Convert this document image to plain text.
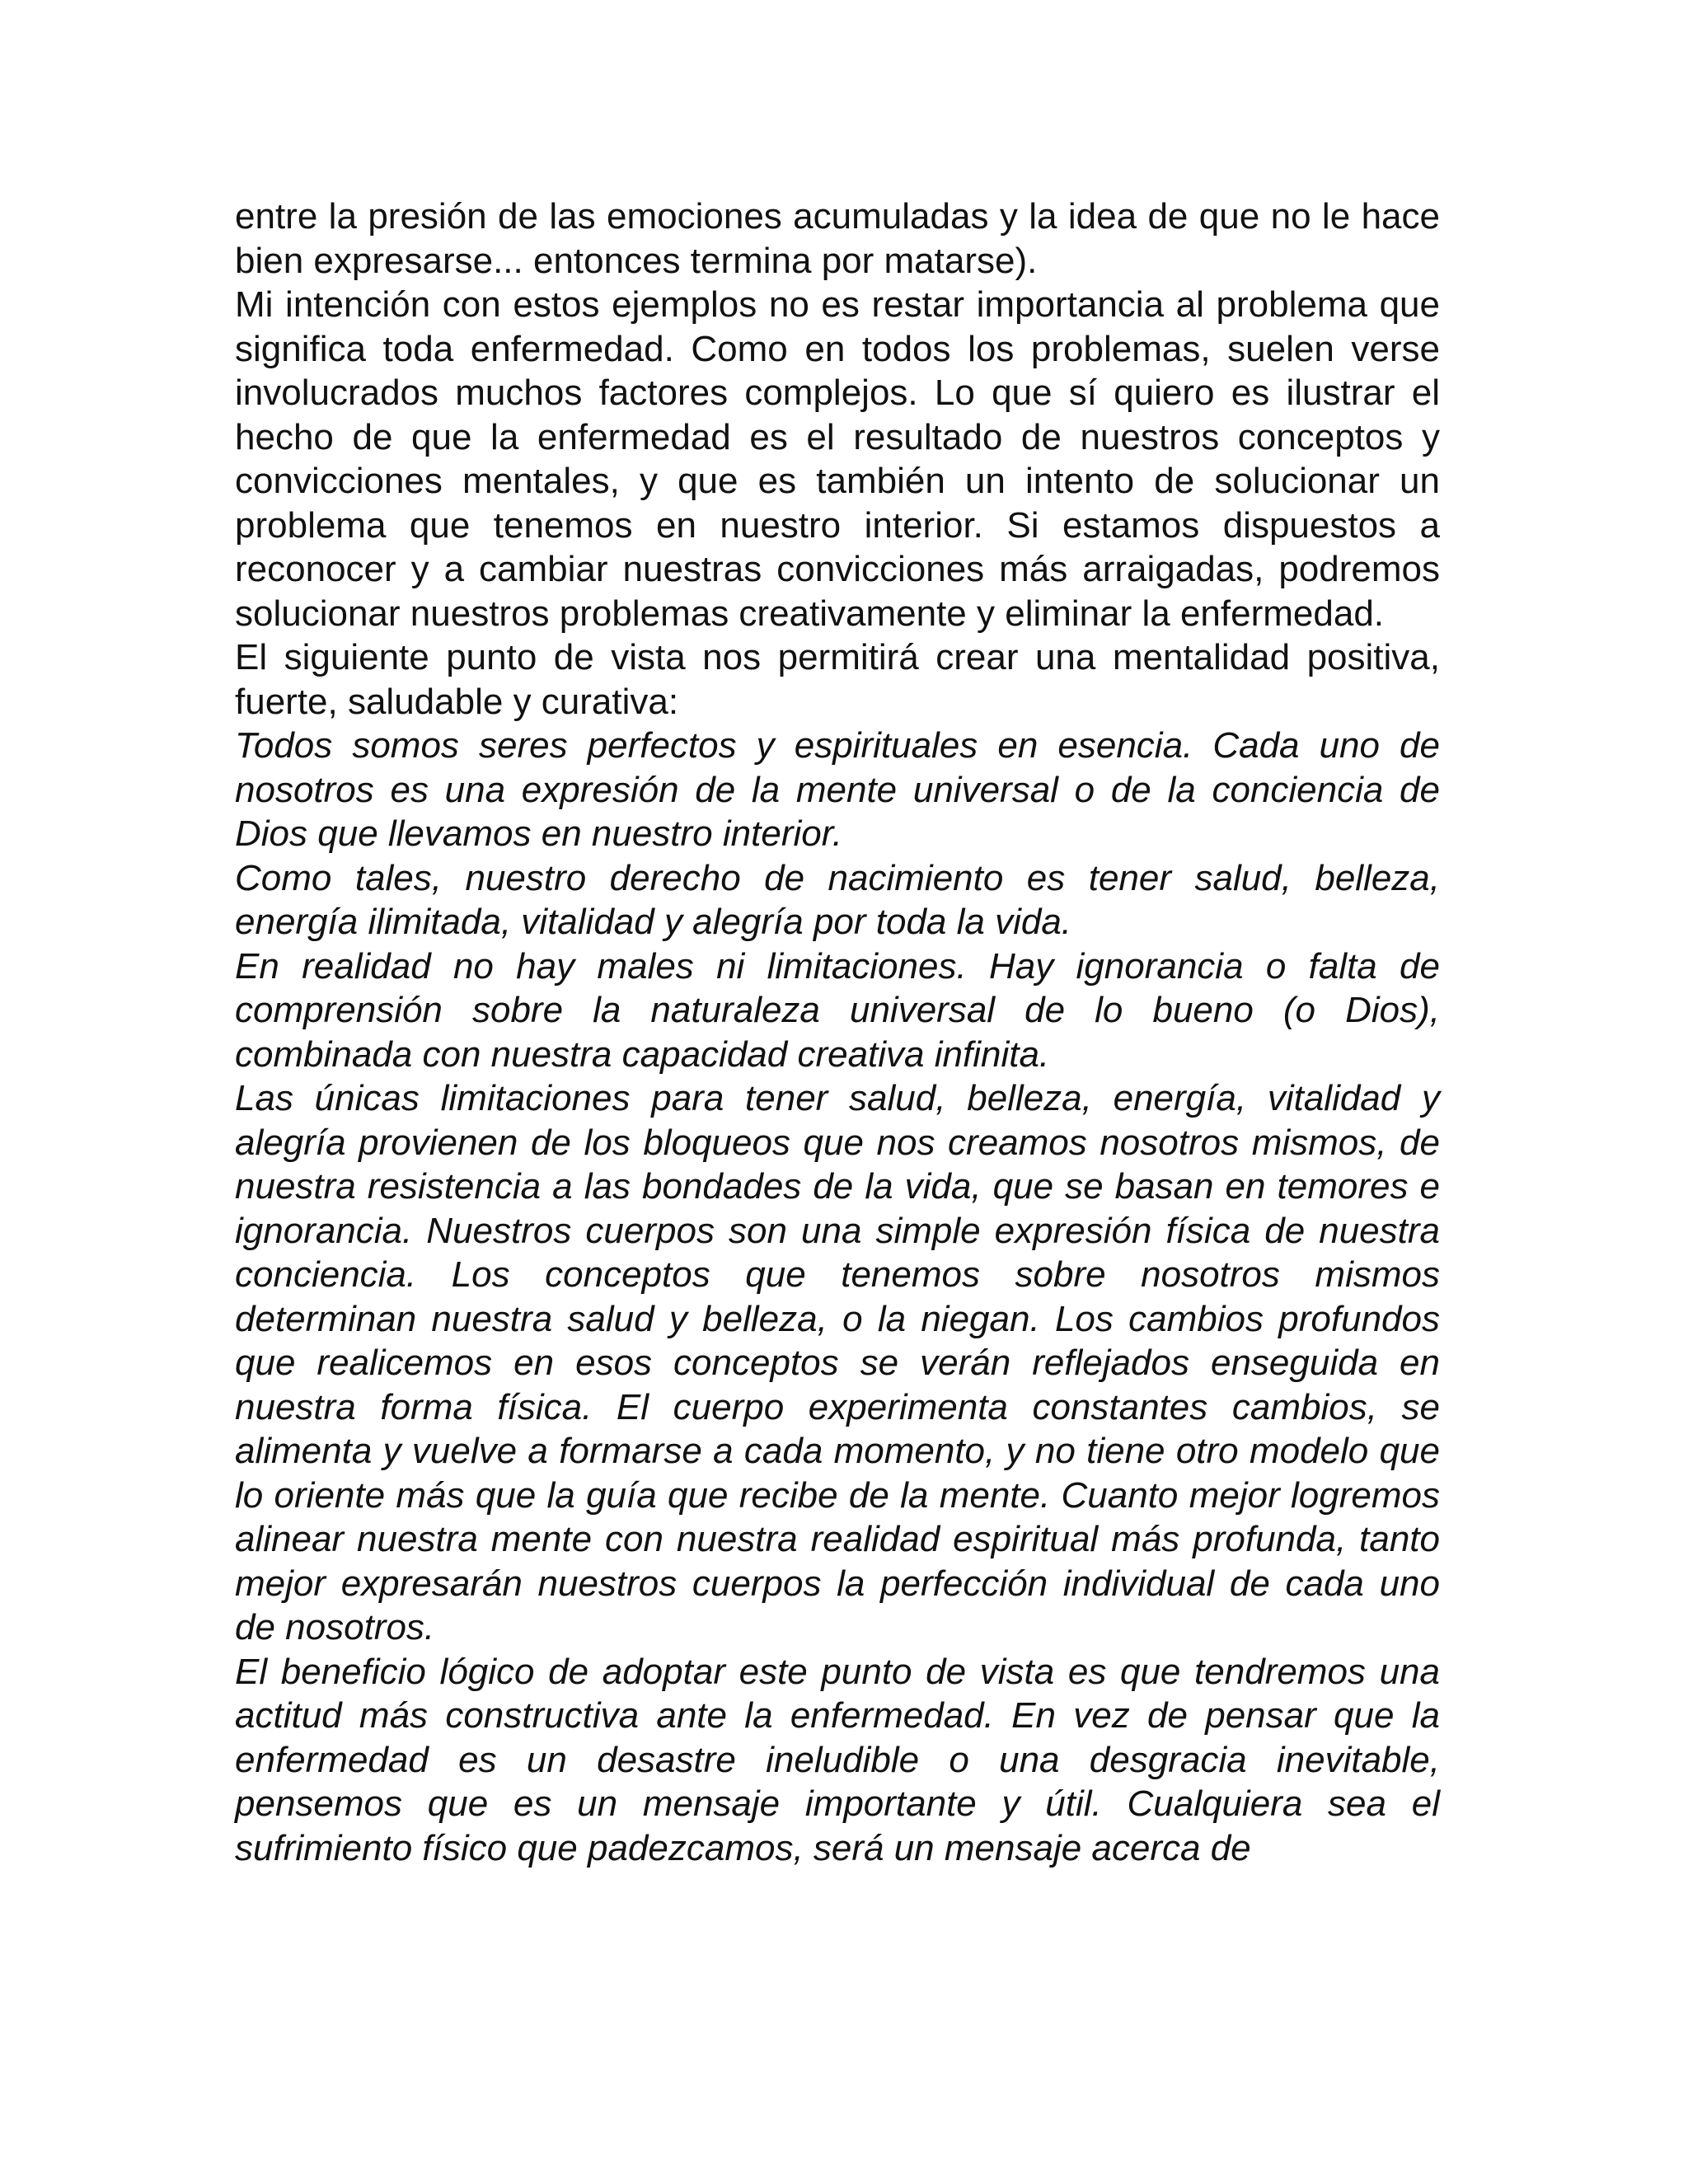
entre la presión de las emociones acumuladas y la idea de que no le hace bien expresarse... entonces termina por matarse).

Mi intención con estos ejemplos no es restar importancia al problema que significa toda enfermedad. Como en todos los problemas, suelen verse involucrados muchos factores complejos. Lo que sí quiero es ilustrar el hecho de que la enfermedad es el resultado de nuestros conceptos y convicciones mentales, y que es también un intento de solucionar un problema que tenemos en nuestro interior. Si estamos dispuestos a reconocer y a cambiar nuestras convicciones más arraigadas, podremos solucionar nuestros problemas creativamente y eliminar la enfermedad.

El siguiente punto de vista nos permitirá crear una mentalidad positiva, fuerte, saludable y curativa:

Todos somos seres perfectos y espirituales en esencia. Cada uno de nosotros es una expresión de la mente universal o de la conciencia de Dios que llevamos en nuestro interior.

Como tales, nuestro derecho de nacimiento es tener salud, belleza, energía ilimitada, vitalidad y alegría por toda la vida.

En realidad no hay males ni limitaciones. Hay ignorancia o falta de comprensión sobre la naturaleza universal de lo bueno (o Dios), combinada con nuestra capacidad creativa infinita.

Las únicas limitaciones para tener salud, belleza, energía, vitalidad y alegría provienen de los bloqueos que nos creamos nosotros mismos, de nuestra resistencia a las bondades de la vida, que se basan en temores e ignorancia. Nuestros cuerpos son una simple expresión física de nuestra conciencia. Los conceptos que tenemos sobre nosotros mismos determinan nuestra salud y belleza, o la niegan. Los cambios profundos que realicemos en esos conceptos se verán reflejados enseguida en nuestra forma física. El cuerpo experimenta constantes cambios, se alimenta y vuelve a formarse a cada momento, y no tiene otro modelo que lo oriente más que la guía que recibe de la mente. Cuanto mejor logremos alinear nuestra mente con nuestra realidad espiritual más profunda, tanto mejor expresarán nuestros cuerpos la perfección individual de cada uno de nosotros.

El beneficio lógico de adoptar este punto de vista es que tendremos una actitud más constructiva ante la enfermedad. En vez de pensar que la enfermedad es un desastre ineludible o una desgracia inevitable, pensemos que es un mensaje importante y útil. Cualquiera sea el sufrimiento físico que padezcamos, será un mensaje acerca de
